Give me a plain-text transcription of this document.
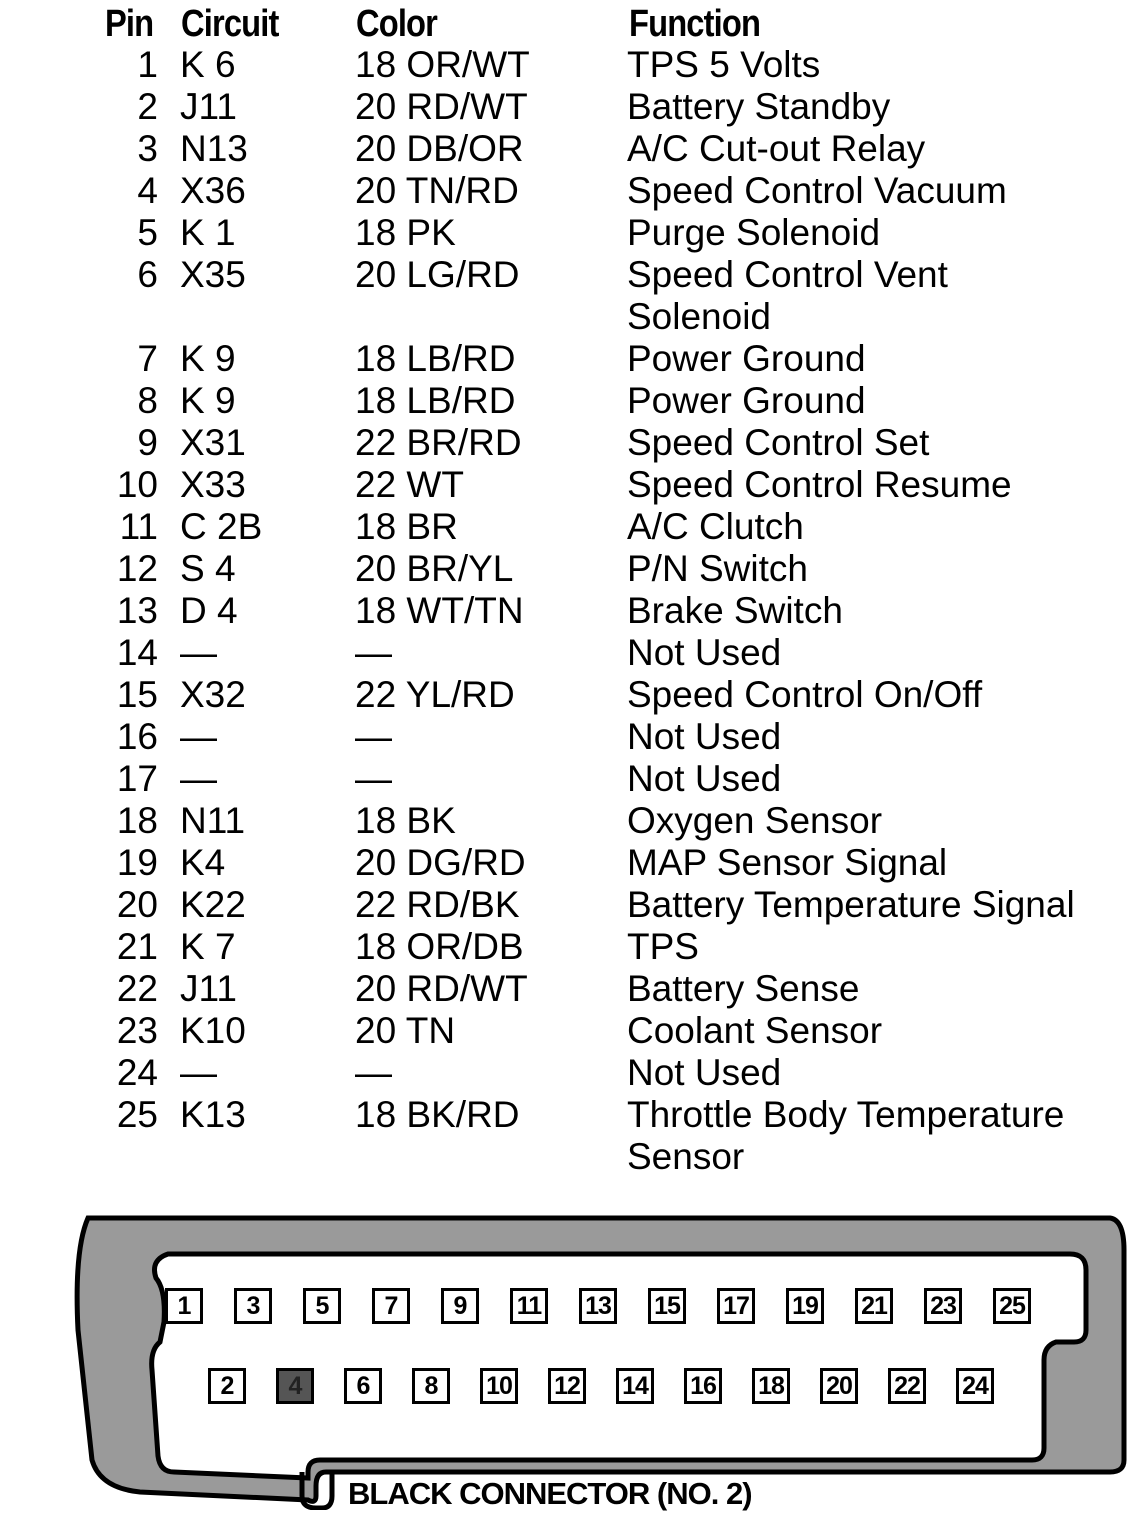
Pin Circuit Color	Function
1 K 6	18 OR/WT	TPS 5 Volts
2 J11	20 RD/WT	Battery Standby
3 N13	20 DB/OR	A/C Cut-out Relay
4 X36	20 TN/RD	Speed Control Vacuum
5 K 1	18 PK	Purge Solenoid
6 X35	20 LG/RD	Speed Control Vent
Solenoid
7 K 9	18 LB/RD	Power Ground
8 K 9	18 LB/RD	Power Ground
9 X31	22 BR/RD	Speed Control Set
10 X33	22 WT	Speed Control Resume
11 C 2B	18 BR	A/C Clutch
12 S 4	20 BR/YL	P/N Switch
13 D 4	18 WT/TN	Brake Switch
14 —	—	Not Used
15 X32	22 YL/RD	Speed Control On/Off
16 —	—	Not Used
17 —	—	Not Used
18 N11	18 BK	Oxygen Sensor
19 K4	20 DG/RD	MAP Sensor Signal
20 K22	22 RD/BK	Battery Temperature Signal
21 K 7	18 OR/DB	TPS
22 J11	20 RD/WT	Battery Sense
23 K10	20 TN	Coolant Sensor
24 —	—	Not Used
25 K13	18 BK/RD	Throttle Body Temperature
Sensor
1	3	5	7	9	11 13 15 17 19 21 23 25
2	4	6	8	10 12 14 16 18 20 22 24
BLACK CONNECTOR (NO. 2)
